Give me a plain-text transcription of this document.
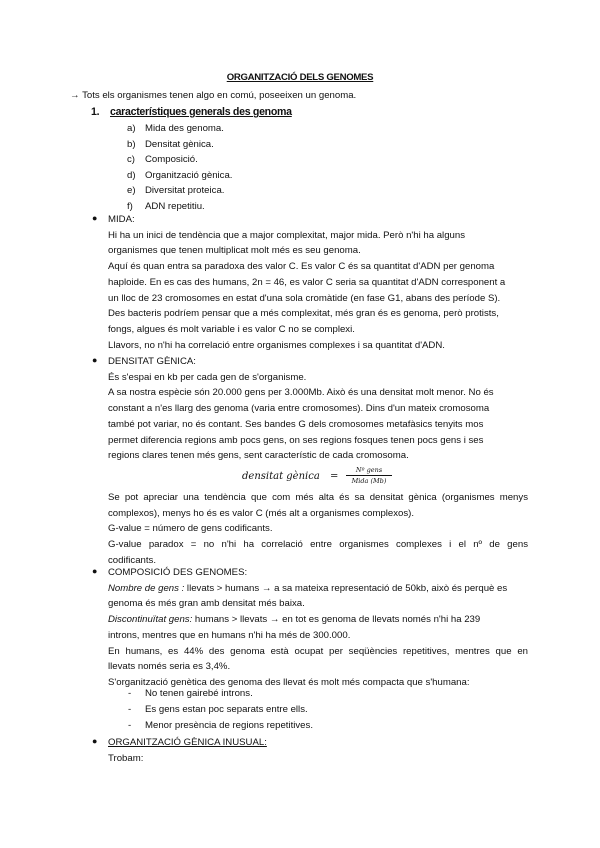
ORGANITZACIÓ DELS GENOMES
→ Tots els organismes tenen algo en comú, poseeixen un genoma.
1. característiques generals des genoma
a) Mida des genoma.
b) Densitat gènica.
c) Composició.
d) Organització gènica.
e) Diversitat proteica.
f) ADN repetitiu.
● MIDA:

Hi ha un inici de tendència que a major complexitat, major mida. Però n'hi ha alguns

organismes que tenen multiplicat molt més es seu genoma.

Aquí és quan entra sa paradoxa des valor C. Es valor C és sa quantitat d'ADN per genoma

haploide. En es cas des humans, 2n = 46, es valor C seria sa quantitat d'ADN corresponent a

un lloc de 23 cromosomes en estat d'una sola cromàtide (en fase G1, abans des període S).

Des bacteris podríem pensar que a més complexitat, més gran és es genoma, però protists,

fongs, algues és molt variable i es valor C no se complexi.

Llavors, no n'hi ha correlació entre organismes complexes i sa quantitat d'ADN.

● DENSITAT GÈNICA:

És s'espai en kb per cada gen de s'organisme.

A sa nostra espècie són 20.000 gens per 3.000Mb. Això és una densitat molt menor. No és

constant a n'es llarg des genoma (varia entre cromosomes). Dins d'un mateix cromosoma

també pot variar, no és contant. Ses bandes G dels cromosomes metafàsics tenyits mos

permet diferencia regions amb pocs gens, on ses regions fosques tenen pocs gens i ses

regions clares tenen més gens, sent característic de cada cromosoma.

densitat gènica =
Nº gens
Mida (Mb)

Se pot apreciar una tendència que com més alta és sa densitat gènica (organismes menys

complexos), menys ho és es valor C (més alt a organismes complexos).

G-value = número de gens codificants.

G-value paradox = no n'hi ha correlació entre organismes complexes i el nº de gens

codificants.

● COMPOSICIÓ DES GENOMES:

Nombre de gens : llevats > humans → a sa mateixa representació de 50kb, això és perquè es

genoma és més gran amb densitat més baixa.

Discontinuïtat gens: humans > llevats → en tot es genoma de llevats només n'hi ha 239

introns, mentres que en humans n'hi ha més de 300.000.

En humans, es 44% des genoma està ocupat per seqüències repetitives, mentres que en

llevats només seria es 3,4%.

S'organització genètica des genoma des llevat és molt més compacta que s'humana:

- No tenen gairebé introns.
- Es gens estan poc separats entre ells.
- Menor presència de regions repetitives.
● ORGANITZACIÓ GÈNICA INUSUAL:

Trobam:
